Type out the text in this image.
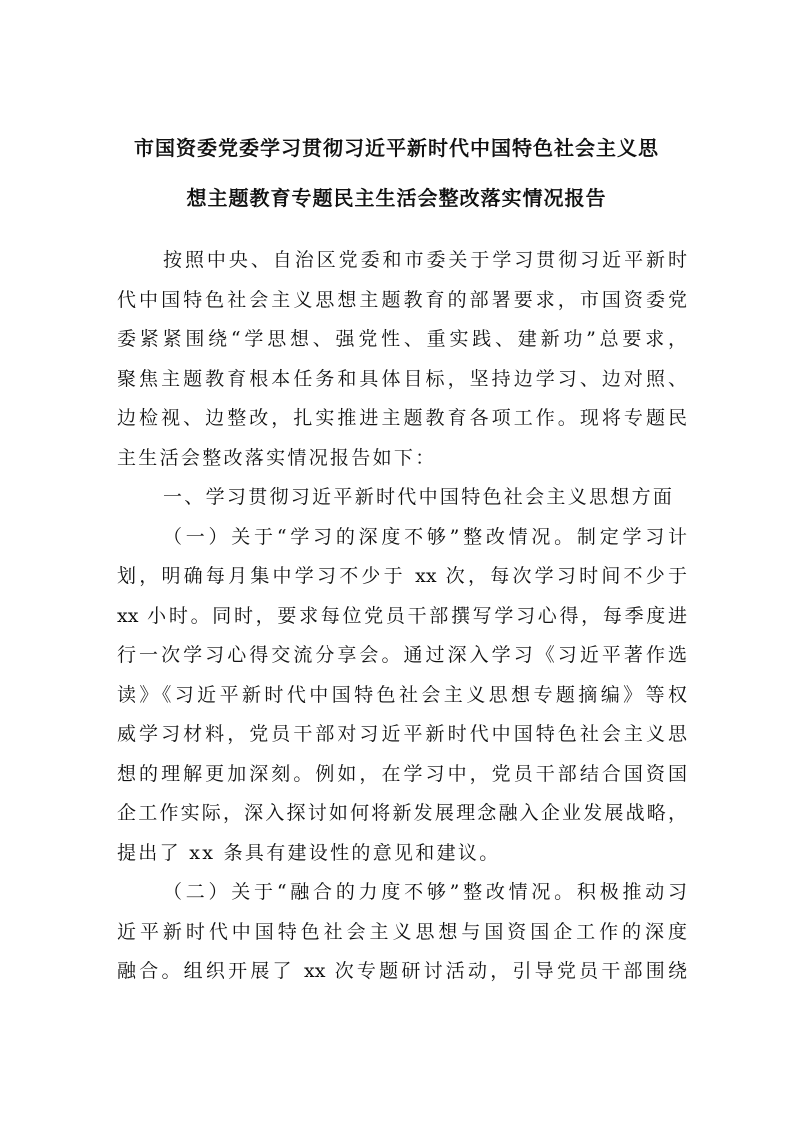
市国资委党委学习贯彻习近平新时代中国特色社会主义思
想主题教育专题民主生活会整改落实情况报告
按照中央、自治区党委和市委关于学习贯彻习近平新时
代中国特色社会主义思想主题教育的部署要求，市国资委党
委紧紧围绕“学思想、强党性、重实践、建新功”总要求，
聚焦主题教育根本任务和具体目标，坚持边学习、边对照、
边检视、边整改，扎实推进主题教育各项工作。现将专题民
主生活会整改落实情况报告如下：
一、学习贯彻习近平新时代中国特色社会主义思想方面
（一）关于“学习的深度不够”整改情况。制定学习计
划，明确每月集中学习不少于 xx 次，每次学习时间不少于
xx 小时。同时，要求每位党员干部撰写学习心得，每季度进
行一次学习心得交流分享会。通过深入学习《习近平著作选
读》《习近平新时代中国特色社会主义思想专题摘编》等权
威学习材料，党员干部对习近平新时代中国特色社会主义思
想的理解更加深刻。例如，在学习中，党员干部结合国资国
企工作实际，深入探讨如何将新发展理念融入企业发展战略，
提出了 xx 条具有建设性的意见和建议。
（二）关于“融合的力度不够”整改情况。积极推动习
近平新时代中国特色社会主义思想与国资国企工作的深度
融合。组织开展了 xx 次专题研讨活动，引导党员干部围绕
